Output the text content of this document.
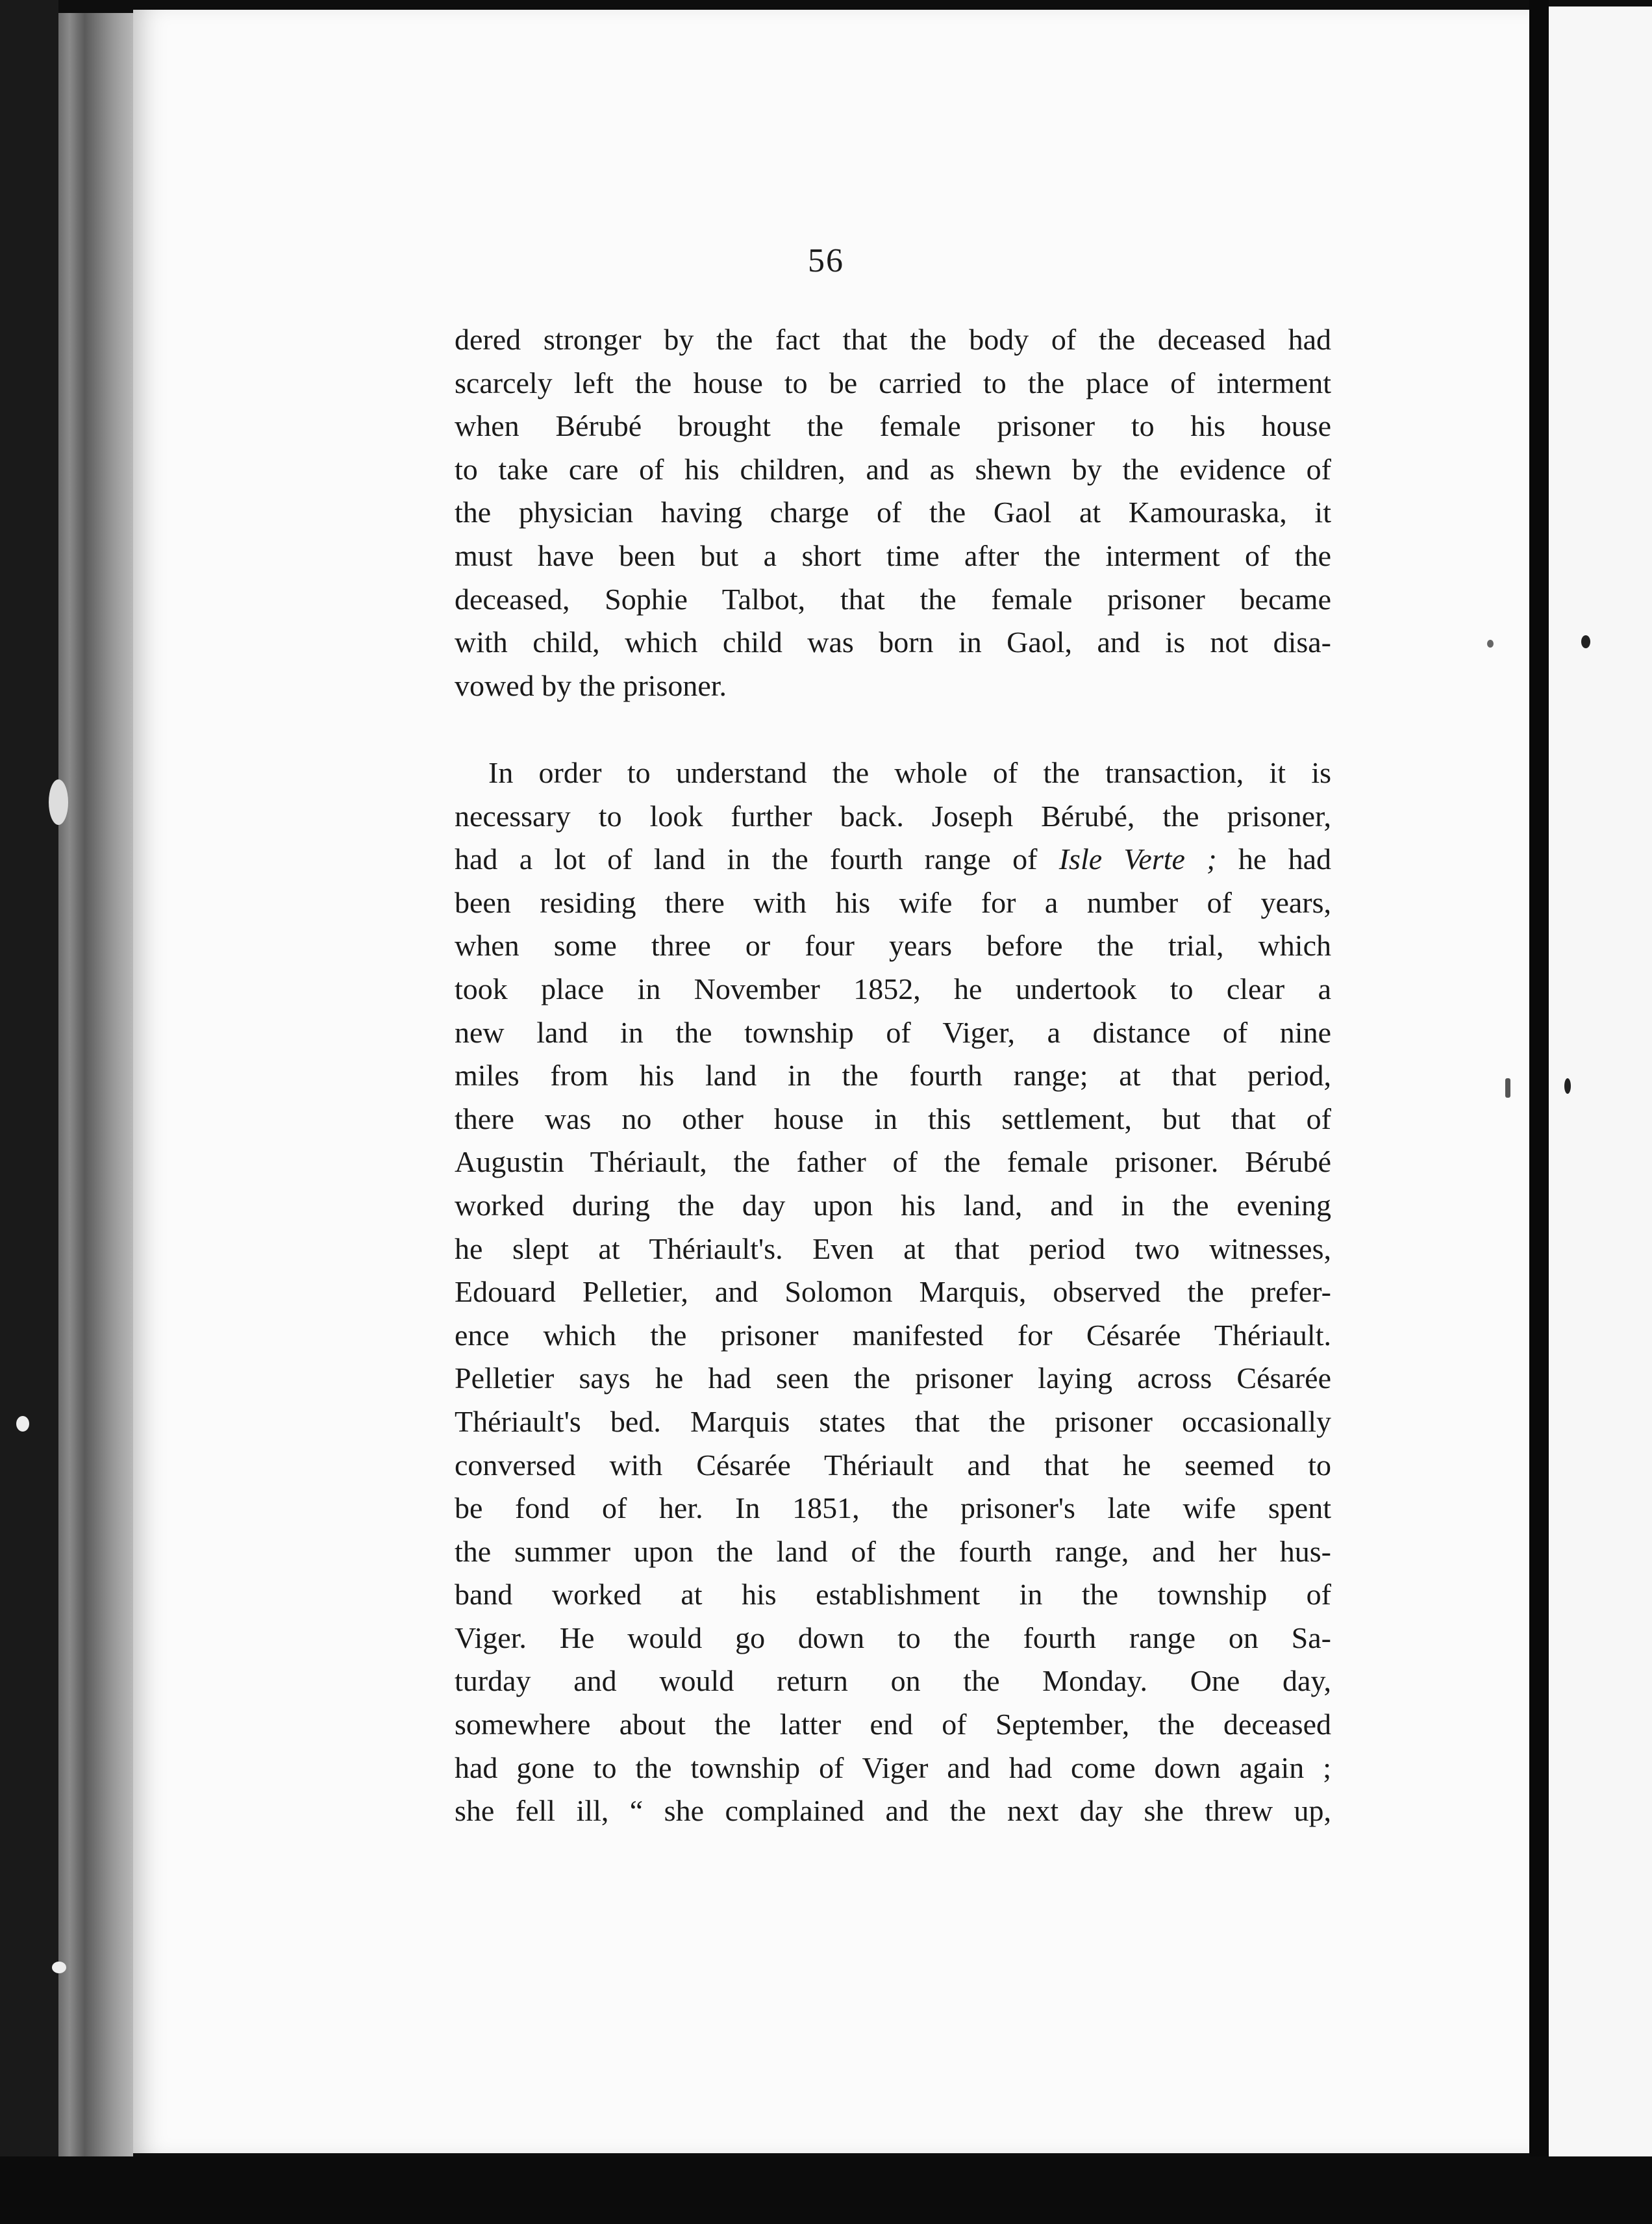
56
dered stronger by the fact that the body of the deceased had
scarcely left the house to be carried to the place of interment
when Bérubé brought the female prisoner to his house
to take care of his children, and as shewn by the evidence of
the physician having charge of the Gaol at Kamouraska, it
must have been but a short time after the interment of the
deceased, Sophie Talbot, that the female prisoner became
with child, which child was born in Gaol, and is not disa-
vowed by the prisoner.
In order to understand the whole of the transaction, it is
necessary to look further back. Joseph Bérubé, the prisoner,
had a lot of land in the fourth range of Isle Verte ; he had
been residing there with his wife for a number of years,
when some three or four years before the trial, which
took place in November 1852, he undertook to clear a
new land in the township of Viger, a distance of nine
miles from his land in the fourth range; at that period,
there was no other house in this settlement, but that of
Augustin Thériault, the father of the female prisoner. Bérubé
worked during the day upon his land, and in the evening
he slept at Thériault's. Even at that period two witnesses,
Edouard Pelletier, and Solomon Marquis, observed the prefer-
ence which the prisoner manifested for Césarée Thériault.
Pelletier says he had seen the prisoner laying across Césarée
Thériault's bed. Marquis states that the prisoner occasionally
conversed with Césarée Thériault and that he seemed to
be fond of her. In 1851, the prisoner's late wife spent
the summer upon the land of the fourth range, and her hus-
band worked at his establishment in the township of
Viger. He would go down to the fourth range on Sa-
turday and would return on the Monday. One day,
somewhere about the latter end of September, the deceased
had gone to the township of Viger and had come down again ;
she fell ill, “ she complained and the next day she threw up,
